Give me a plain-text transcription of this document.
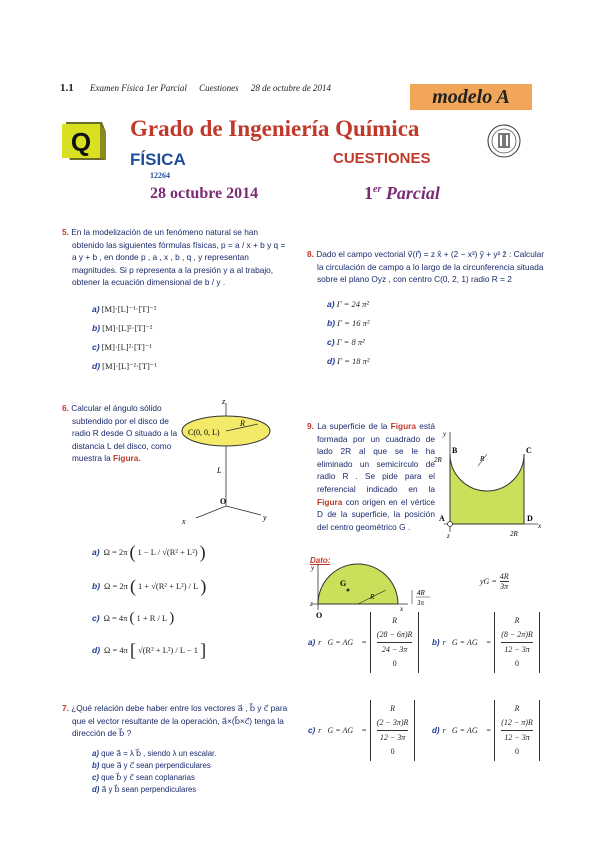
1.1 Examen Física 1er Parcial Cuestiones 28 de octubre de 2014	modelo A
Q Grado de Ingeniería Química
FÍSICA	CUESTIONES
12264
28 octubre 2014	1er Parcial
5. En la modelización de un fenómeno natural se han obtenido las siguientes fórmulas físicas, p = a / x + b y q = a y + b , en donde p , a , x , b , q , y representan magnitudes. Si p representa a la presión y a al trabajo, obtener la ecuación dimensional de b / y .
a) [M]·[L]⁻¹·[T]⁻²
b) [M]·[L]²·[T]⁻²
c) [M]·[L]²·[T]⁻¹
d) [M]·[L]⁻²·[T]⁻¹
6. Calcular el ángulo sólido subtendido por el disco de radio R desde O situado a la distancia L del disco, como muestra la Figura.
z
C(0, 0, L)
R
L
O
x	y
a) Ω = 2π ( 1 − L / √(R² + L²) )
b) Ω = 2π ( 1 + √(R² + L²) / L )
c) Ω = 4π ( 1 + R / L )
d) Ω = 4π [ √(R² + L²) / L − 1 ]
7. ¿Qué relación debe haber entre los vectores a⃗ , b⃗ y c⃗ para que el vector resultante de la operación, a⃗×(b⃗×c⃗) tenga la dirección de b⃗ ?
a) que a⃗ = λ b⃗ , siendo λ un escalar.
b) que a⃗ y c⃗ sean perpendiculares
c) que b⃗ y c⃗ sean coplanarias
d) a⃗ y b⃗ sean perpendiculares
8. Dado el campo vectorial v⃗(r⃗) = z x̂ + (2 − x³) ŷ + y² ẑ : Calcular la circulación de campo a lo largo de la circunferencia situada sobre el plano Oyz , con centro C(0, 2, 1) radio R = 2
a) Γ = 24 π²
b) Γ = 16 π²
c) Γ = 8 π²
d) Γ = 18 π²
9. La superficie de la Figura está formada por un cuadrado de lado 2R al que se le ha eliminado un semicírculo de radio R . Se pide para el referencial indicado en la Figura con origen en el vértice D de la superficie, la posición del centro geométrico G .
y
B	C
R
2R
A	D
x
z	2R
Dato:
y
G
R
z
O
x
4R
3π
yG = $\frac{4R}{3\pi}$
a) r⃗G = AG⃗ =
R
(28 − 6π)R
24 − 3π
0
b) r⃗G = AG⃗ =
R
(8 − 2π)R
12 − 3π
0
c) r⃗G = AG⃗ =
R
(2 − 3π)R
12 − 3π
0
d) r⃗G = AG⃗ =
R
(12 − π)R
12 − 3π
0
